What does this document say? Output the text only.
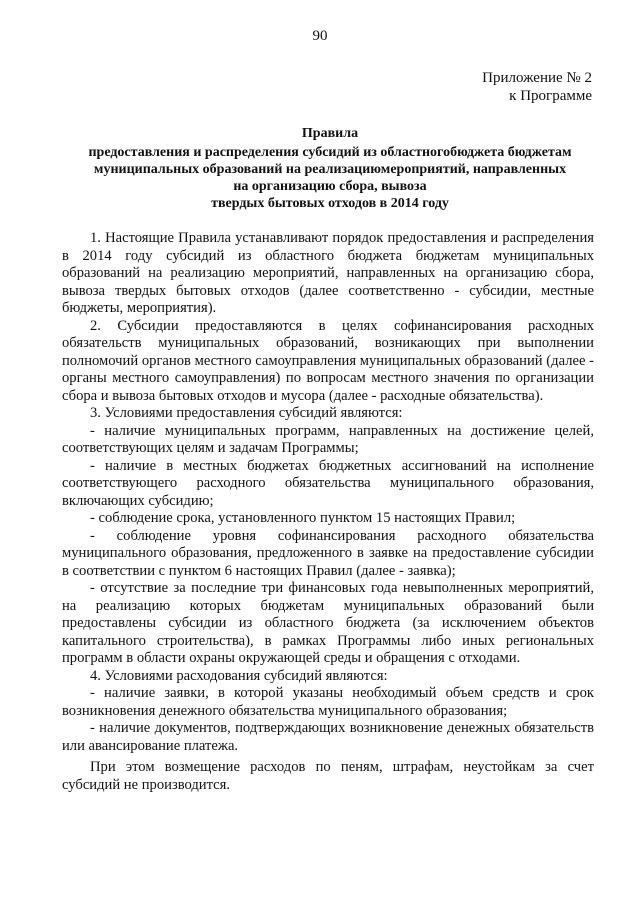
90
Приложение № 2
к Программе
Правила
предоставления и распределения субсидий из областногобюджета бюджетам
муниципальных образований на реализациюмероприятий, направленных
на организацию сбора, вывоза
твердых бытовых отходов в 2014 году

1. Настоящие Правила устанавливают порядок предоставления и распределения в 2014 году субсидий из областного бюджета бюджетам муниципальных образований на реализацию мероприятий, направленных на организацию сбора, вывоза твердых бытовых отходов (далее соответственно - субсидии, местные бюджеты, мероприятия).

2. Субсидии предоставляются в целях софинансирования расходных обязательств муниципальных образований, возникающих при выполнении полномочий органов местного самоуправления муниципальных образований (далее - органы местного самоуправления) по вопросам местного значения по организации сбора и вывоза бытовых отходов и мусора (далее - расходные обязательства).

3. Условиями предоставления субсидий являются:

- наличие муниципальных программ, направленных на достижение целей, соответствующих целям и задачам Программы;

- наличие в местных бюджетах бюджетных ассигнований на исполнение соответствующего расходного обязательства муниципального образования, включающих субсидию;

- соблюдение срока, установленного пунктом 15 настоящих Правил;

- соблюдение уровня софинансирования расходного обязательства муниципального образования, предложенного в заявке на предоставление субсидии в соответствии с пунктом 6 настоящих Правил (далее - заявка);

- отсутствие за последние три финансовых года невыполненных мероприятий, на реализацию которых бюджетам муниципальных образований были предоставлены субсидии из областного бюджета (за исключением объектов капитального строительства), в рамках Программы либо иных региональных программ в области охраны окружающей среды и обращения с отходами.

4. Условиями расходования субсидий являются:

- наличие заявки, в которой указаны необходимый объем средств и срок возникновения денежного обязательства муниципального образования;

- наличие документов, подтверждающих возникновение денежных обязательств или авансирование платежа.

При этом возмещение расходов по пеням, штрафам, неустойкам за счет субсидий не производится.
